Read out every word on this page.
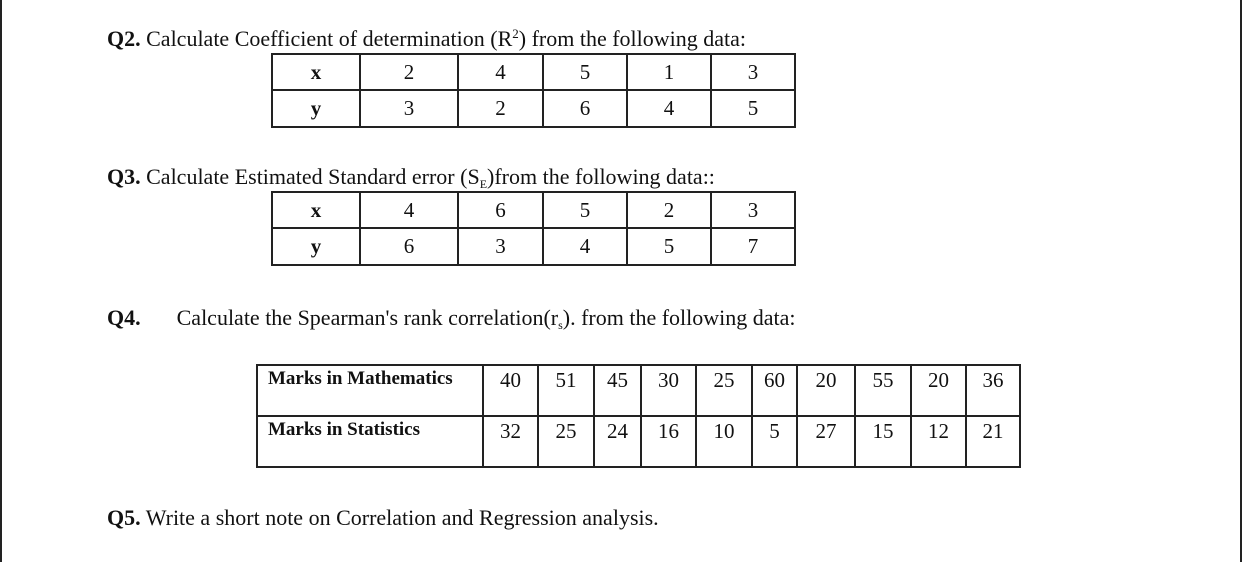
Q2. Calculate Coefficient of determination $(R^2)$ from the following data:
x	2	4	5	1	3
y	3	2	6	4	5
Q3. Calculate Estimated Standard error $(S_E)from$ the following data::
x	4	6	5	2	3
y	6	3	4	5	7
Q4. Calculate the Spearman's rank $correlation(r_s)$. from the following data:
Marks in Mathematics	40	51	45	30	25	60	20	55	20	36
Marks in Statistics	32	25	24	16	10	5	27	15	12	21
Q5. Write a short note on Correlation and Regression analysis.
